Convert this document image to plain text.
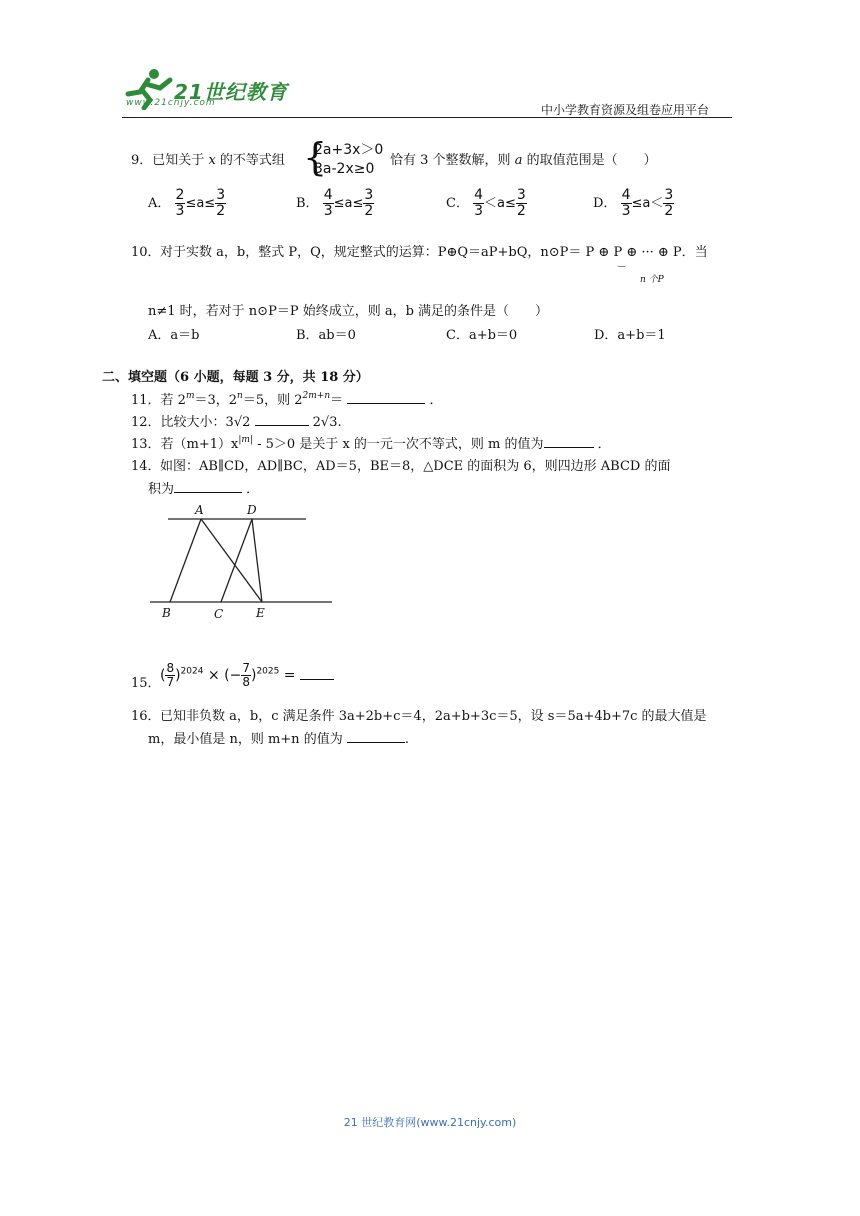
21世纪教育
www.21cnjy.com	中小学教育资源及组卷应用平台
9．已知关于 x 的不等式组 {
2a+3x＞0
3a-2x≥0
恰有 3 个整数解，则 a 的取值范围是（　　）
A． $\frac{2}{3} \le a\le \frac{3}{2}$	B． $\frac{4}{3} \le a\le \frac{3}{2}$	C． $\frac{4}{3} <a\le \frac{3}{2}$	D． $\frac{4}{3} \le a< \frac{3}{2}$
10． 对于实数 a，b，整式 P，Q，规定整式的运算：P⊕Q＝aP+bQ，n⊙P＝ P ⊕ P ⊕ ··· ⊕ P．当
‿
n 个P
n≠1 时，若对于 n⊙P＝P 始终成立，则 a，b 满足的条件是（　　）
A．a＝b	B．ab＝0	C．a+b＝0	D．a+b＝1
二、填空题（6 小题，每题 3 分，共 18 分）
11．若 $2^m=3$，$2^n=5$，则 $2^{2m+n}=$	．
12．比较大小：3√2	2√3.
13．若$(m+1)x^{|m|} - 5>0$ 是关于 x 的一元一次不等式，则 m 的值为	．
14． 如图：AB∥CD，AD∥BC，AD＝5，BE＝8，△DCE 的面积为 6，则四边形 ABCD 的面
积为	．
A	D
B	C	E
15． ( $\frac{8}{7} )^{2024}$ × (− $\frac{7}{8} )^{2025}$ =
16． 已知非负数 a，b，c 满足条件 3a+2b+c＝4，2a+b+3c＝5，设 s＝5a+4b+7c 的最大值是
m，最小值是 n，则 m+n 的值为	.
21 世纪教育网(www.21cnjy.com)
